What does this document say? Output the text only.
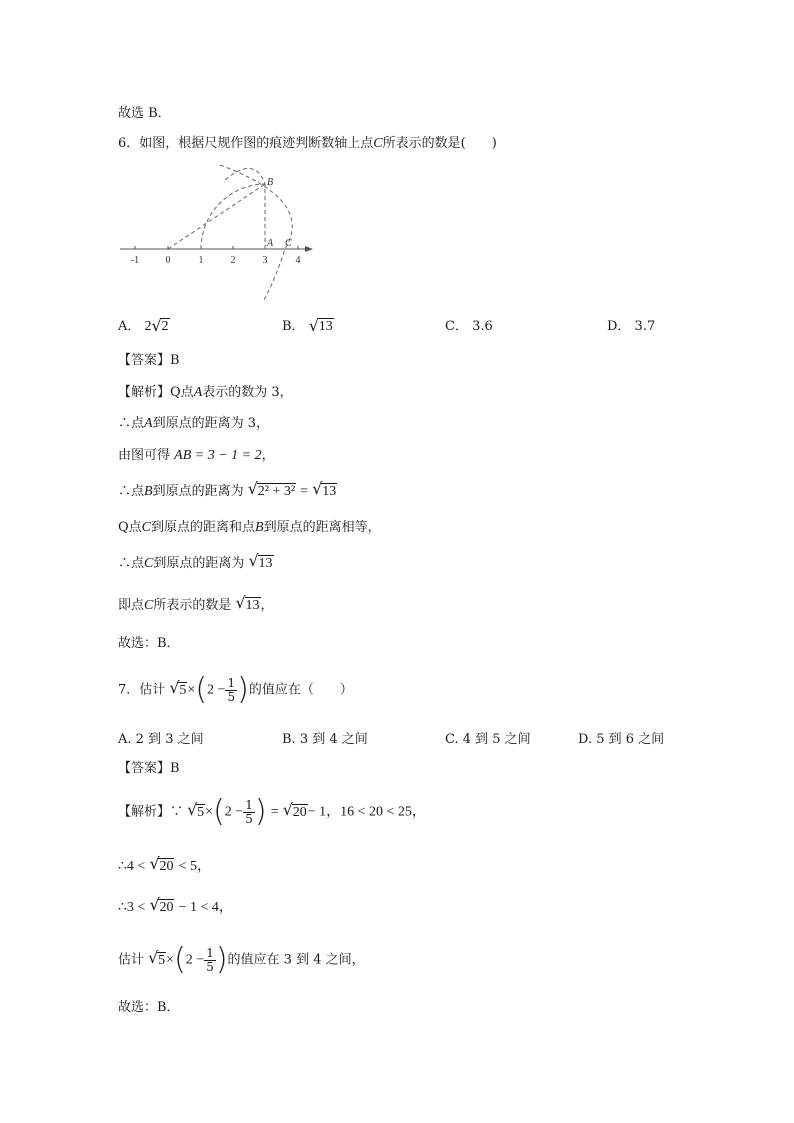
故选 B．
6．如图，根据尺规作图的痕迹判断数轴上点C所表示的数是(　　)
-1	0	1	2	3	4
B
A C
A． 2 √ 2	B． √ 13	C． 3.6	D． 3.7
【答案】B
【解析】Q点A表示的数为 3，
∴点A到原点的距离为 3，
由图可得 AB = 3 − 1 = 2，
∴点B到原点的距离为 √ 2² + 3² = √ 13
Q点C到原点的距离和点B到原点的距离相等，
∴点C到原点的距离为 √ 13
即点C所表示的数是 √ 13，
故选：B．
7．估计 √ $5\times(2 - \frac{1}{5}$ )的值应在（　　）
A. 2 到 3 之间	B. 3 到 4 之间	C. 4 到 5 之间	D. 5 到 6 之间
【答案】B
【解析】∵ √ $5\times(2 - \frac{1}{5}$ ) = √ 20− 1，16 < 20 < 25，
∴4 < √ 20 < 5，
∴3 < √ 20 − 1 < 4，
估计 √ $5\times(2 - \frac{1}{5}$ )的值应在 3 到 4 之间，
故选：B．
